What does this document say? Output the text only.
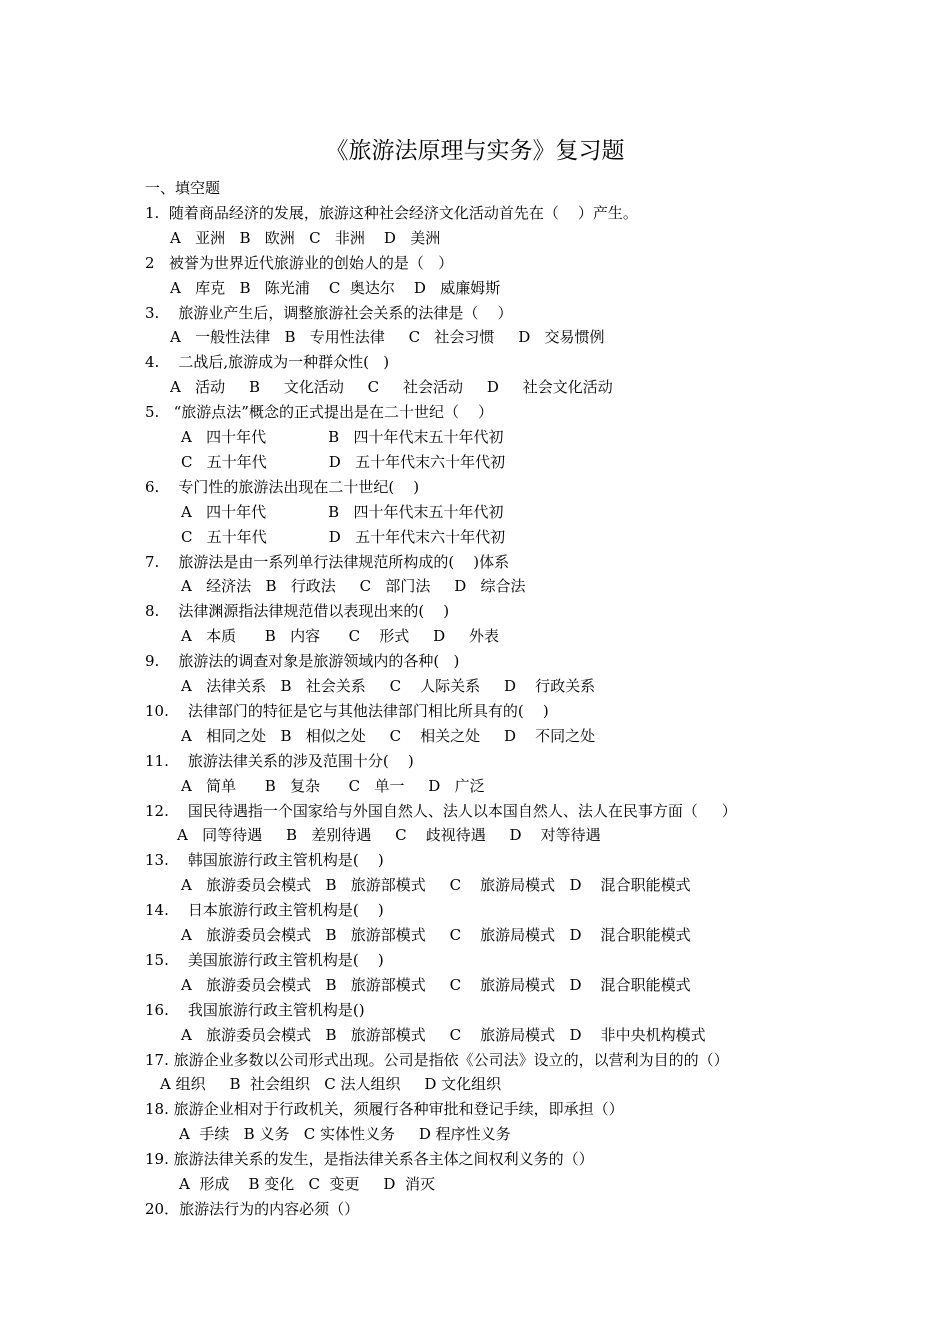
《旅游法原理与实务》复习题
一、填空题
1.  随着商品经济的发展，旅游这种社会经济文化活动首先在（    ）产生。
A   亚洲   B   欧洲   C   非洲    D   美洲
2   被誉为世界近代旅游业的创始人的是（   ）
A   库克   B   陈光浦    C  奥达尔    D   威廉姆斯
3.    旅游业产生后，调整旅游社会关系的法律是（    ）
A   一般性法律   B   专用性法律     C   社会习惯     D   交易惯例
4.    二战后,旅游成为一种群众性(   )
A   活动     B     文化活动     C     社会活动     D     社会文化活动
5.   “旅游点法”概念的正式提出是在二十世纪（    ）
A   四十年代             B   四十年代末五十年代初
C   五十年代             D   五十年代末六十年代初
6.    专门性的旅游法出现在二十世纪(    )
A   四十年代             B   四十年代末五十年代初
C   五十年代             D   五十年代末六十年代初
7.    旅游法是由一系列单行法律规范所构成的(    )体系
A   经济法   B   行政法     C   部门法     D   综合法
8.    法律渊源指法律规范借以表现出来的(    )
A   本质      B   内容      C    形式     D     外表
9.    旅游法的调查对象是旅游领域内的各种(   )
A   法律关系   B   社会关系     C    人际关系     D    行政关系
10.    法律部门的特征是它与其他法律部门相比所具有的(    )
A   相同之处   B   相似之处     C    相关之处     D    不同之处
11.    旅游法律关系的涉及范围十分(    )
A   简单      B   复杂      C   单一     D   广泛
12.    国民待遇指一个国家给与外国自然人、法人以本国自然人、法人在民事方面（     ）
A   同等待遇     B   差别待遇     C    歧视待遇     D    对等待遇
13.    韩国旅游行政主管机构是(    )
A   旅游委员会模式   B   旅游部模式     C    旅游局模式   D    混合职能模式
14.    日本旅游行政主管机构是(    )
A   旅游委员会模式   B   旅游部模式     C    旅游局模式   D    混合职能模式
15.    美国旅游行政主管机构是(    )
A   旅游委员会模式   B   旅游部模式     C    旅游局模式   D    混合职能模式
16.    我国旅游行政主管机构是()
A   旅游委员会模式   B   旅游部模式     C    旅游局模式   D    非中央机构模式
17. 旅游企业多数以公司形式出现。公司是指依《公司法》设立的，以营利为目的的（）
A 组织     B  社会组织   C 法人组织     D 文化组织
18. 旅游企业相对于行政机关，须履行各种审批和登记手续，即承担（）
A  手续   B 义务   C 实体性义务     D 程序性义务
19. 旅游法律关系的发生，是指法律关系各主体之间权利义务的（）
A  形成    B 变化   C  变更     D  消灭
20．旅游法行为的内容必须（）
